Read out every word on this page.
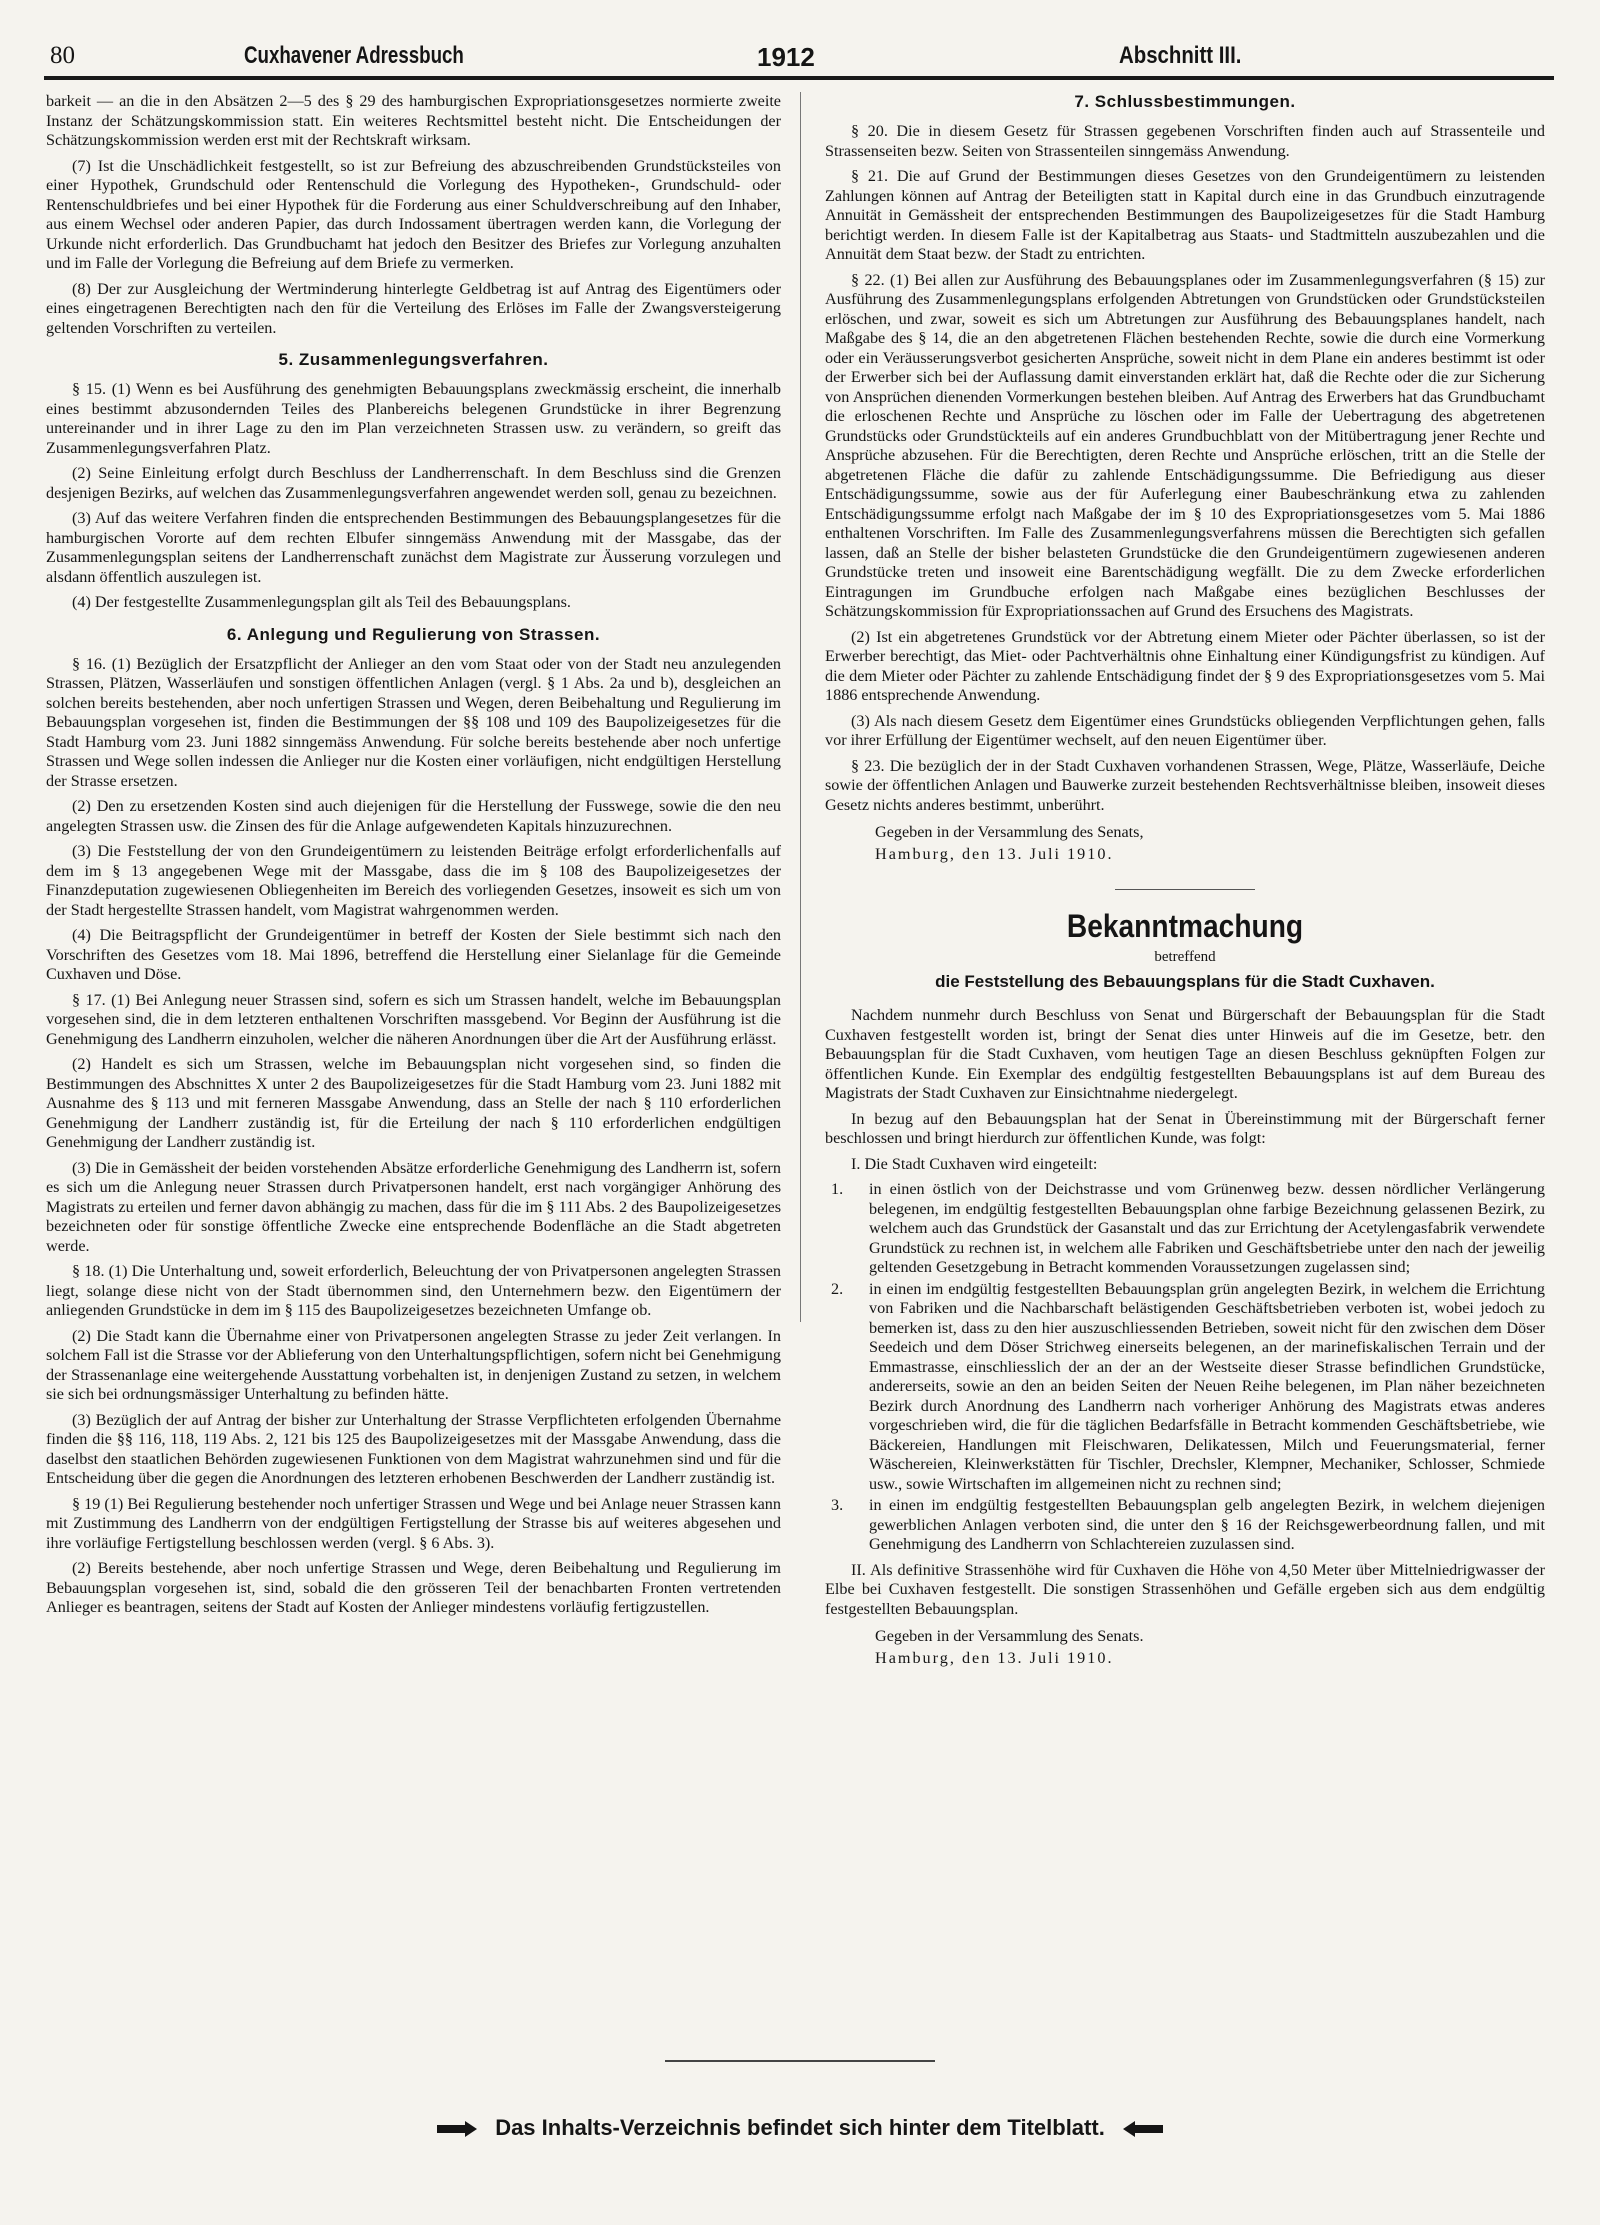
80	Cuxhavener Adressbuch	1912	Abschnitt III.

barkeit — an die in den Absätzen 2—5 des § 29 des hamburgischen Expropriationsgesetzes normierte zweite Instanz der Schätzungskommission statt. Ein weiteres Rechtsmittel besteht nicht. Die Entscheidungen der Schätzungskommission werden erst mit der Rechtskraft wirksam.

(7) Ist die Unschädlichkeit festgestellt, so ist zur Befreiung des abzuschreibenden Grundstücksteiles von einer Hypothek, Grundschuld oder Rentenschuld die Vorlegung des Hypotheken-, Grundschuld- oder Rentenschuldbriefes und bei einer Hypothek für die Forderung aus einer Schuldverschreibung auf den Inhaber, aus einem Wechsel oder anderen Papier, das durch Indossament übertragen werden kann, die Vorlegung der Urkunde nicht erforderlich. Das Grundbuchamt hat jedoch den Besitzer des Briefes zur Vorlegung anzuhalten und im Falle der Vorlegung die Befreiung auf dem Briefe zu vermerken.

(8) Der zur Ausgleichung der Wertminderung hinterlegte Geldbetrag ist auf Antrag des Eigentümers oder eines eingetragenen Berechtigten nach den für die Verteilung des Erlöses im Falle der Zwangsversteigerung geltenden Vorschriften zu verteilen.

5. Zusammenlegungsverfahren.

§ 15. (1) Wenn es bei Ausführung des genehmigten Bebauungsplans zweckmässig erscheint, die innerhalb eines bestimmt abzusondernden Teiles des Planbereichs belegenen Grundstücke in ihrer Begrenzung untereinander und in ihrer Lage zu den im Plan verzeichneten Strassen usw. zu verändern, so greift das Zusammenlegungsverfahren Platz.

(2) Seine Einleitung erfolgt durch Beschluss der Landherrenschaft. In dem Beschluss sind die Grenzen desjenigen Bezirks, auf welchen das Zusammenlegungsverfahren angewendet werden soll, genau zu bezeichnen.

(3) Auf das weitere Verfahren finden die entsprechenden Bestimmungen des Bebauungsplangesetzes für die hamburgischen Vororte auf dem rechten Elbufer sinngemäss Anwendung mit der Massgabe, das der Zusammenlegungsplan seitens der Landherrenschaft zunächst dem Magistrate zur Äusserung vorzulegen und alsdann öffentlich auszulegen ist.

(4) Der festgestellte Zusammenlegungsplan gilt als Teil des Bebauungsplans.

6. Anlegung und Regulierung von Strassen.

§ 16. (1) Bezüglich der Ersatzpflicht der Anlieger an den vom Staat oder von der Stadt neu anzulegenden Strassen, Plätzen, Wasserläufen und sonstigen öffentlichen Anlagen (vergl. § 1 Abs. 2a und b), desgleichen an solchen bereits bestehenden, aber noch unfertigen Strassen und Wegen, deren Beibehaltung und Regulierung im Bebauungsplan vorgesehen ist, finden die Bestimmungen der §§ 108 und 109 des Baupolizeigesetzes für die Stadt Hamburg vom 23. Juni 1882 sinngemäss Anwendung. Für solche bereits bestehende aber noch unfertige Strassen und Wege sollen indessen die Anlieger nur die Kosten einer vorläufigen, nicht endgültigen Herstellung der Strasse ersetzen.

(2) Den zu ersetzenden Kosten sind auch diejenigen für die Herstellung der Fusswege, sowie die den neu angelegten Strassen usw. die Zinsen des für die Anlage aufgewendeten Kapitals hinzuzurechnen.

(3) Die Feststellung der von den Grundeigentümern zu leistenden Beiträge erfolgt erforderlichenfalls auf dem im § 13 angegebenen Wege mit der Massgabe, dass die im § 108 des Baupolizeigesetzes der Finanzdeputation zugewiesenen Obliegenheiten im Bereich des vorliegenden Gesetzes, insoweit es sich um von der Stadt hergestellte Strassen handelt, vom Magistrat wahrgenommen werden.

(4) Die Beitragspflicht der Grundeigentümer in betreff der Kosten der Siele bestimmt sich nach den Vorschriften des Gesetzes vom 18. Mai 1896, betreffend die Herstellung einer Sielanlage für die Gemeinde Cuxhaven und Döse.

§ 17. (1) Bei Anlegung neuer Strassen sind, sofern es sich um Strassen handelt, welche im Bebauungsplan vorgesehen sind, die in dem letzteren enthaltenen Vorschriften massgebend. Vor Beginn der Ausführung ist die Genehmigung des Landherrn einzuholen, welcher die näheren Anordnungen über die Art der Ausführung erlässt.

(2) Handelt es sich um Strassen, welche im Bebauungsplan nicht vorgesehen sind, so finden die Bestimmungen des Abschnittes X unter 2 des Baupolizeigesetzes für die Stadt Hamburg vom 23. Juni 1882 mit Ausnahme des § 113 und mit ferneren Massgabe Anwendung, dass an Stelle der nach § 110 erforderlichen Genehmigung der Landherr zuständig ist, für die Erteilung der nach § 110 erforderlichen endgültigen Genehmigung der Landherr zuständig ist.

(3) Die in Gemässheit der beiden vorstehenden Absätze erforderliche Genehmigung des Landherrn ist, sofern es sich um die Anlegung neuer Strassen durch Privatpersonen handelt, erst nach vorgängiger Anhörung des Magistrats zu erteilen und ferner davon abhängig zu machen, dass für die im § 111 Abs. 2 des Baupolizeigesetzes bezeichneten oder für sonstige öffentliche Zwecke eine entsprechende Bodenfläche an die Stadt abgetreten werde.

§ 18. (1) Die Unterhaltung und, soweit erforderlich, Beleuchtung der von Privatpersonen angelegten Strassen liegt, solange diese nicht von der Stadt übernommen sind, den Unternehmern bezw. den Eigentümern der anliegenden Grundstücke in dem im § 115 des Baupolizeigesetzes bezeichneten Umfange ob.

(2) Die Stadt kann die Übernahme einer von Privatpersonen angelegten Strasse zu jeder Zeit verlangen. In solchem Fall ist die Strasse vor der Ablieferung von den Unterhaltungspflichtigen, sofern nicht bei Genehmigung der Strassenanlage eine weitergehende Ausstattung vorbehalten ist, in denjenigen Zustand zu setzen, in welchem sie sich bei ordnungsmässiger Unterhaltung zu befinden hätte.

(3) Bezüglich der auf Antrag der bisher zur Unterhaltung der Strasse Verpflichteten erfolgenden Übernahme finden die §§ 116, 118, 119 Abs. 2, 121 bis 125 des Baupolizeigesetzes mit der Massgabe Anwendung, dass die daselbst den staatlichen Behörden zugewiesenen Funktionen von dem Magistrat wahrzunehmen sind und für die Entscheidung über die gegen die Anordnungen des letzteren erhobenen Beschwerden der Landherr zuständig ist.

§ 19 (1) Bei Regulierung bestehender noch unfertiger Strassen und Wege und bei Anlage neuer Strassen kann mit Zustimmung des Landherrn von der endgültigen Fertigstellung der Strasse bis auf weiteres abgesehen und ihre vorläufige Fertigstellung beschlossen werden (vergl. § 6 Abs. 3).

(2) Bereits bestehende, aber noch unfertige Strassen und Wege, deren Beibehaltung und Regulierung im Bebauungsplan vorgesehen ist, sind, sobald die den grösseren Teil der benachbarten Fronten vertretenden Anlieger es beantragen, seitens der Stadt auf Kosten der Anlieger mindestens vorläufig fertigzustellen.

7. Schlussbestimmungen.

§ 20. Die in diesem Gesetz für Strassen gegebenen Vorschriften finden auch auf Strassenteile und Strassenseiten bezw. Seiten von Strassenteilen sinngemäss Anwendung.

§ 21. Die auf Grund der Bestimmungen dieses Gesetzes von den Grundeigentümern zu leistenden Zahlungen können auf Antrag der Beteiligten statt in Kapital durch eine in das Grundbuch einzutragende Annuität in Gemässheit der entsprechenden Bestimmungen des Baupolizeigesetzes für die Stadt Hamburg berichtigt werden. In diesem Falle ist der Kapitalbetrag aus Staats- und Stadtmitteln auszubezahlen und die Annuität dem Staat bezw. der Stadt zu entrichten.

§ 22. (1) Bei allen zur Ausführung des Bebauungsplanes oder im Zusammenlegungsverfahren (§ 15) zur Ausführung des Zusammenlegungsplans erfolgenden Abtretungen von Grundstücken oder Grundstücksteilen erlöschen, und zwar, soweit es sich um Abtretungen zur Ausführung des Bebauungsplanes handelt, nach Maßgabe des § 14, die an den abgetretenen Flächen bestehenden Rechte, sowie die durch eine Vormerkung oder ein Veräusserungsverbot gesicherten Ansprüche, soweit nicht in dem Plane ein anderes bestimmt ist oder der Erwerber sich bei der Auflassung damit einverstanden erklärt hat, daß die Rechte oder die zur Sicherung von Ansprüchen dienenden Vormerkungen bestehen bleiben. Auf Antrag des Erwerbers hat das Grundbuchamt die erloschenen Rechte und Ansprüche zu löschen oder im Falle der Uebertragung des abgetretenen Grundstücks oder Grundstückteils auf ein anderes Grundbuchblatt von der Mitübertragung jener Rechte und Ansprüche abzusehen. Für die Berechtigten, deren Rechte und Ansprüche erlöschen, tritt an die Stelle der abgetretenen Fläche die dafür zu zahlende Entschädigungssumme. Die Befriedigung aus dieser Entschädigungssumme, sowie aus der für Auferlegung einer Baubeschränkung etwa zu zahlenden Entschädigungssumme erfolgt nach Maßgabe der im § 10 des Expropriationsgesetzes vom 5. Mai 1886 enthaltenen Vorschriften. Im Falle des Zusammenlegungsverfahrens müssen die Berechtigten sich gefallen lassen, daß an Stelle der bisher belasteten Grundstücke die den Grundeigentümern zugewiesenen anderen Grundstücke treten und insoweit eine Barentschädigung wegfällt. Die zu dem Zwecke erforderlichen Eintragungen im Grundbuche erfolgen nach Maßgabe eines bezüglichen Beschlusses der Schätzungskommission für Expropriationssachen auf Grund des Ersuchens des Magistrats.

(2) Ist ein abgetretenes Grundstück vor der Abtretung einem Mieter oder Pächter überlassen, so ist der Erwerber berechtigt, das Miet- oder Pachtverhältnis ohne Einhaltung einer Kündigungsfrist zu kündigen. Auf die dem Mieter oder Pächter zu zahlende Entschädigung findet der § 9 des Expropriationsgesetzes vom 5. Mai 1886 entsprechende Anwendung.

(3) Als nach diesem Gesetz dem Eigentümer eines Grundstücks obliegenden Verpflichtungen gehen, falls vor ihrer Erfüllung der Eigentümer wechselt, auf den neuen Eigentümer über.

§ 23. Die bezüglich der in der Stadt Cuxhaven vorhandenen Strassen, Wege, Plätze, Wasserläufe, Deiche sowie der öffentlichen Anlagen und Bauwerke zurzeit bestehenden Rechtsverhältnisse bleiben, insoweit dieses Gesetz nichts anderes bestimmt, unberührt.

Gegeben in der Versammlung des Senats,

Hamburg, den 13. Juli 1910.

Bekanntmachung

betreffend

die Feststellung des Bebauungsplans für die Stadt Cuxhaven.

Nachdem nunmehr durch Beschluss von Senat und Bürgerschaft der Bebauungsplan für die Stadt Cuxhaven festgestellt worden ist, bringt der Senat dies unter Hinweis auf die im Gesetze, betr. den Bebauungsplan für die Stadt Cuxhaven, vom heutigen Tage an diesen Beschluss geknüpften Folgen zur öffentlichen Kunde. Ein Exemplar des endgültig festgestellten Bebauungsplans ist auf dem Bureau des Magistrats der Stadt Cuxhaven zur Einsichtnahme niedergelegt.

In bezug auf den Bebauungsplan hat der Senat in Übereinstimmung mit der Bürgerschaft ferner beschlossen und bringt hierdurch zur öffentlichen Kunde, was folgt:

I. Die Stadt Cuxhaven wird eingeteilt:

1. in einen östlich von der Deichstrasse und vom Grünenweg bezw. dessen nördlicher Verlängerung belegenen, im endgültig festgestellten Bebauungsplan ohne farbige Bezeichnung gelassenen Bezirk, zu welchem auch das Grundstück der Gasanstalt und das zur Errichtung der Acetylengasfabrik verwendete Grundstück zu rechnen ist, in welchem alle Fabriken und Geschäftsbetriebe unter den nach der jeweilig geltenden Gesetzgebung in Betracht kommenden Voraussetzungen zugelassen sind;
2. in einen im endgültig festgestellten Bebauungsplan grün angelegten Bezirk, in welchem die Errichtung von Fabriken und die Nachbarschaft belästigenden Geschäftsbetrieben verboten ist, wobei jedoch zu bemerken ist, dass zu den hier auszuschliessenden Betrieben, soweit nicht für den zwischen dem Döser Seedeich und dem Döser Strichweg einerseits belegenen, an der marinefiskalischen Terrain und der Emmastrasse, einschliesslich der an der an der Westseite dieser Strasse befindlichen Grundstücke, andererseits, sowie an den an beiden Seiten der Neuen Reihe belegenen, im Plan näher bezeichneten Bezirk durch Anordnung des Landherrn nach vorheriger Anhörung des Magistrats etwas anderes vorgeschrieben wird, die für die täglichen Bedarfsfälle in Betracht kommenden Geschäftsbetriebe, wie Bäckereien, Handlungen mit Fleischwaren, Delikatessen, Milch und Feuerungsmaterial, ferner Wäschereien, Kleinwerkstätten für Tischler, Drechsler, Klempner, Mechaniker, Schlosser, Schmiede usw., sowie Wirtschaften im allgemeinen nicht zu rechnen sind;
3. in einen im endgültig festgestellten Bebauungsplan gelb angelegten Bezirk, in welchem diejenigen gewerblichen Anlagen verboten sind, die unter den § 16 der Reichsgewerbeordnung fallen, und mit Genehmigung des Landherrn von Schlachtereien zuzulassen sind.

II. Als definitive Strassenhöhe wird für Cuxhaven die Höhe von 4,50 Meter über Mittelniedrigwasser der Elbe bei Cuxhaven festgestellt. Die sonstigen Strassenhöhen und Gefälle ergeben sich aus dem endgültig festgestellten Bebauungsplan.

Gegeben in der Versammlung des Senats.

Hamburg, den 13. Juli 1910.

Das Inhalts-Verzeichnis befindet sich hinter dem Titelblatt.
